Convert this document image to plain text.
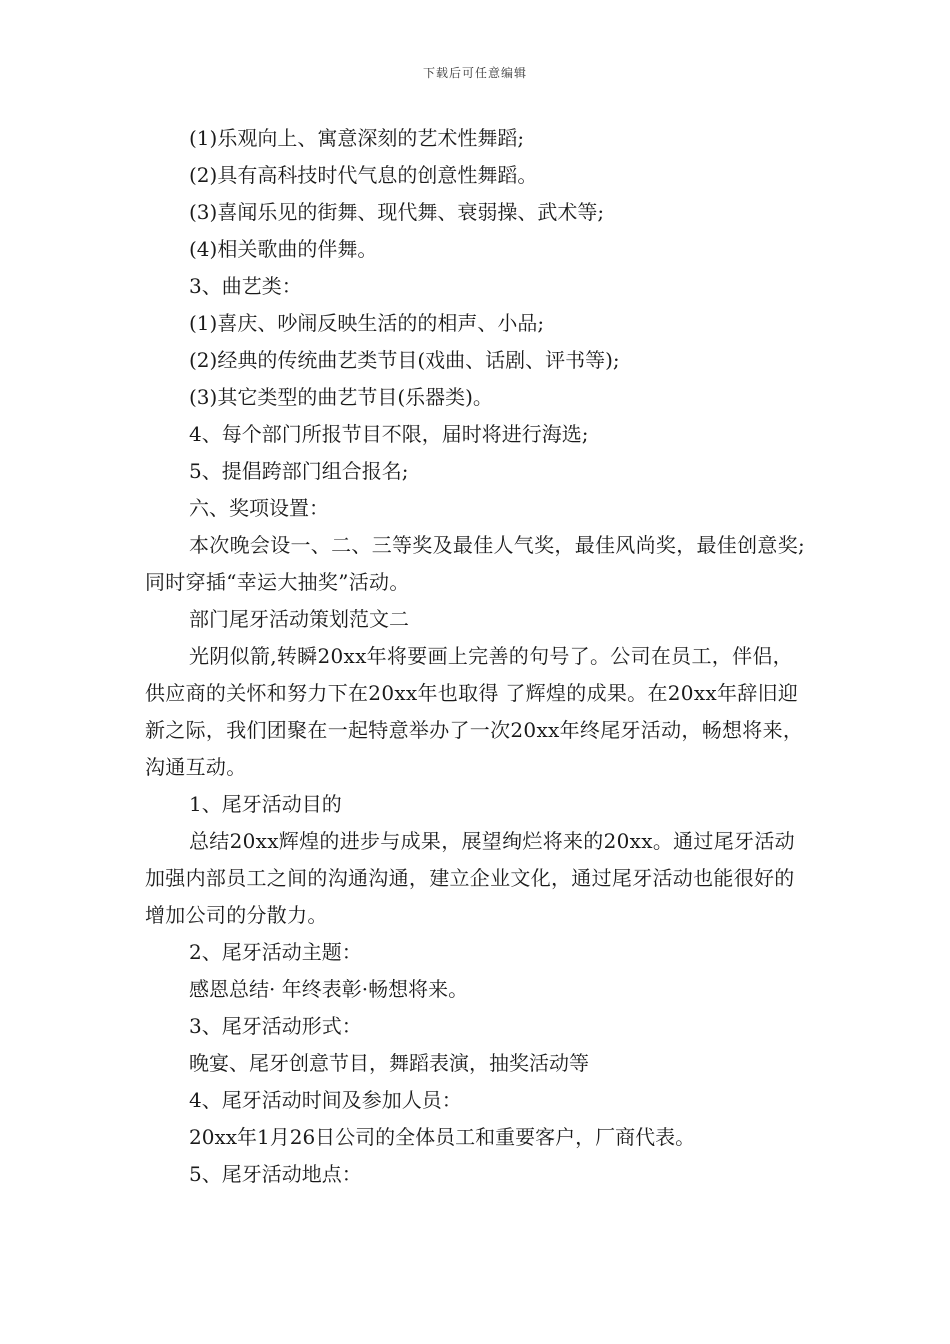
下载后可任意编辑

(1)乐观向上、寓意深刻的艺术性舞蹈;

(2)具有高科技时代气息的创意性舞蹈。

(3)喜闻乐见的街舞、现代舞、衰弱操、武术等;

(4)相关歌曲的伴舞。

3、曲艺类：

(1)喜庆、吵闹反映生活的的相声、小品;

(2)经典的传统曲艺类节目(戏曲、话剧、评书等);

(3)其它类型的曲艺节目(乐器类)。

4、每个部门所报节目不限，届时将进行海选;

5、提倡跨部门组合报名;

六、奖项设置：

本次晚会设一、二、三等奖及最佳人气奖，最佳风尚奖，最佳创意奖;同时穿插“幸运大抽奖”活动。

部门尾牙活动策划范文二

光阴似箭,转瞬20xx年将要画上完善的句号了。公司在员工，伴侣，供应商的关怀和努力下在20xx年也取得 了辉煌的成果。在20xx年辞旧迎新之际，我们团聚在一起特意举办了一次20xx年终尾牙活动，畅想将来，沟通互动。

1、尾牙活动目的

总结20xx辉煌的进步与成果，展望绚烂将来的20xx。通过尾牙活动加强内部员工之间的沟通沟通，建立企业文化，通过尾牙活动也能很好的增加公司的分散力。

2、尾牙活动主题：

感恩总结· 年终表彰·畅想将来。

3、尾牙活动形式：

晚宴、尾牙创意节目，舞蹈表演，抽奖活动等

4、尾牙活动时间及参加人员：

20xx年1月26日公司的全体员工和重要客户，厂商代表。

5、尾牙活动地点：
